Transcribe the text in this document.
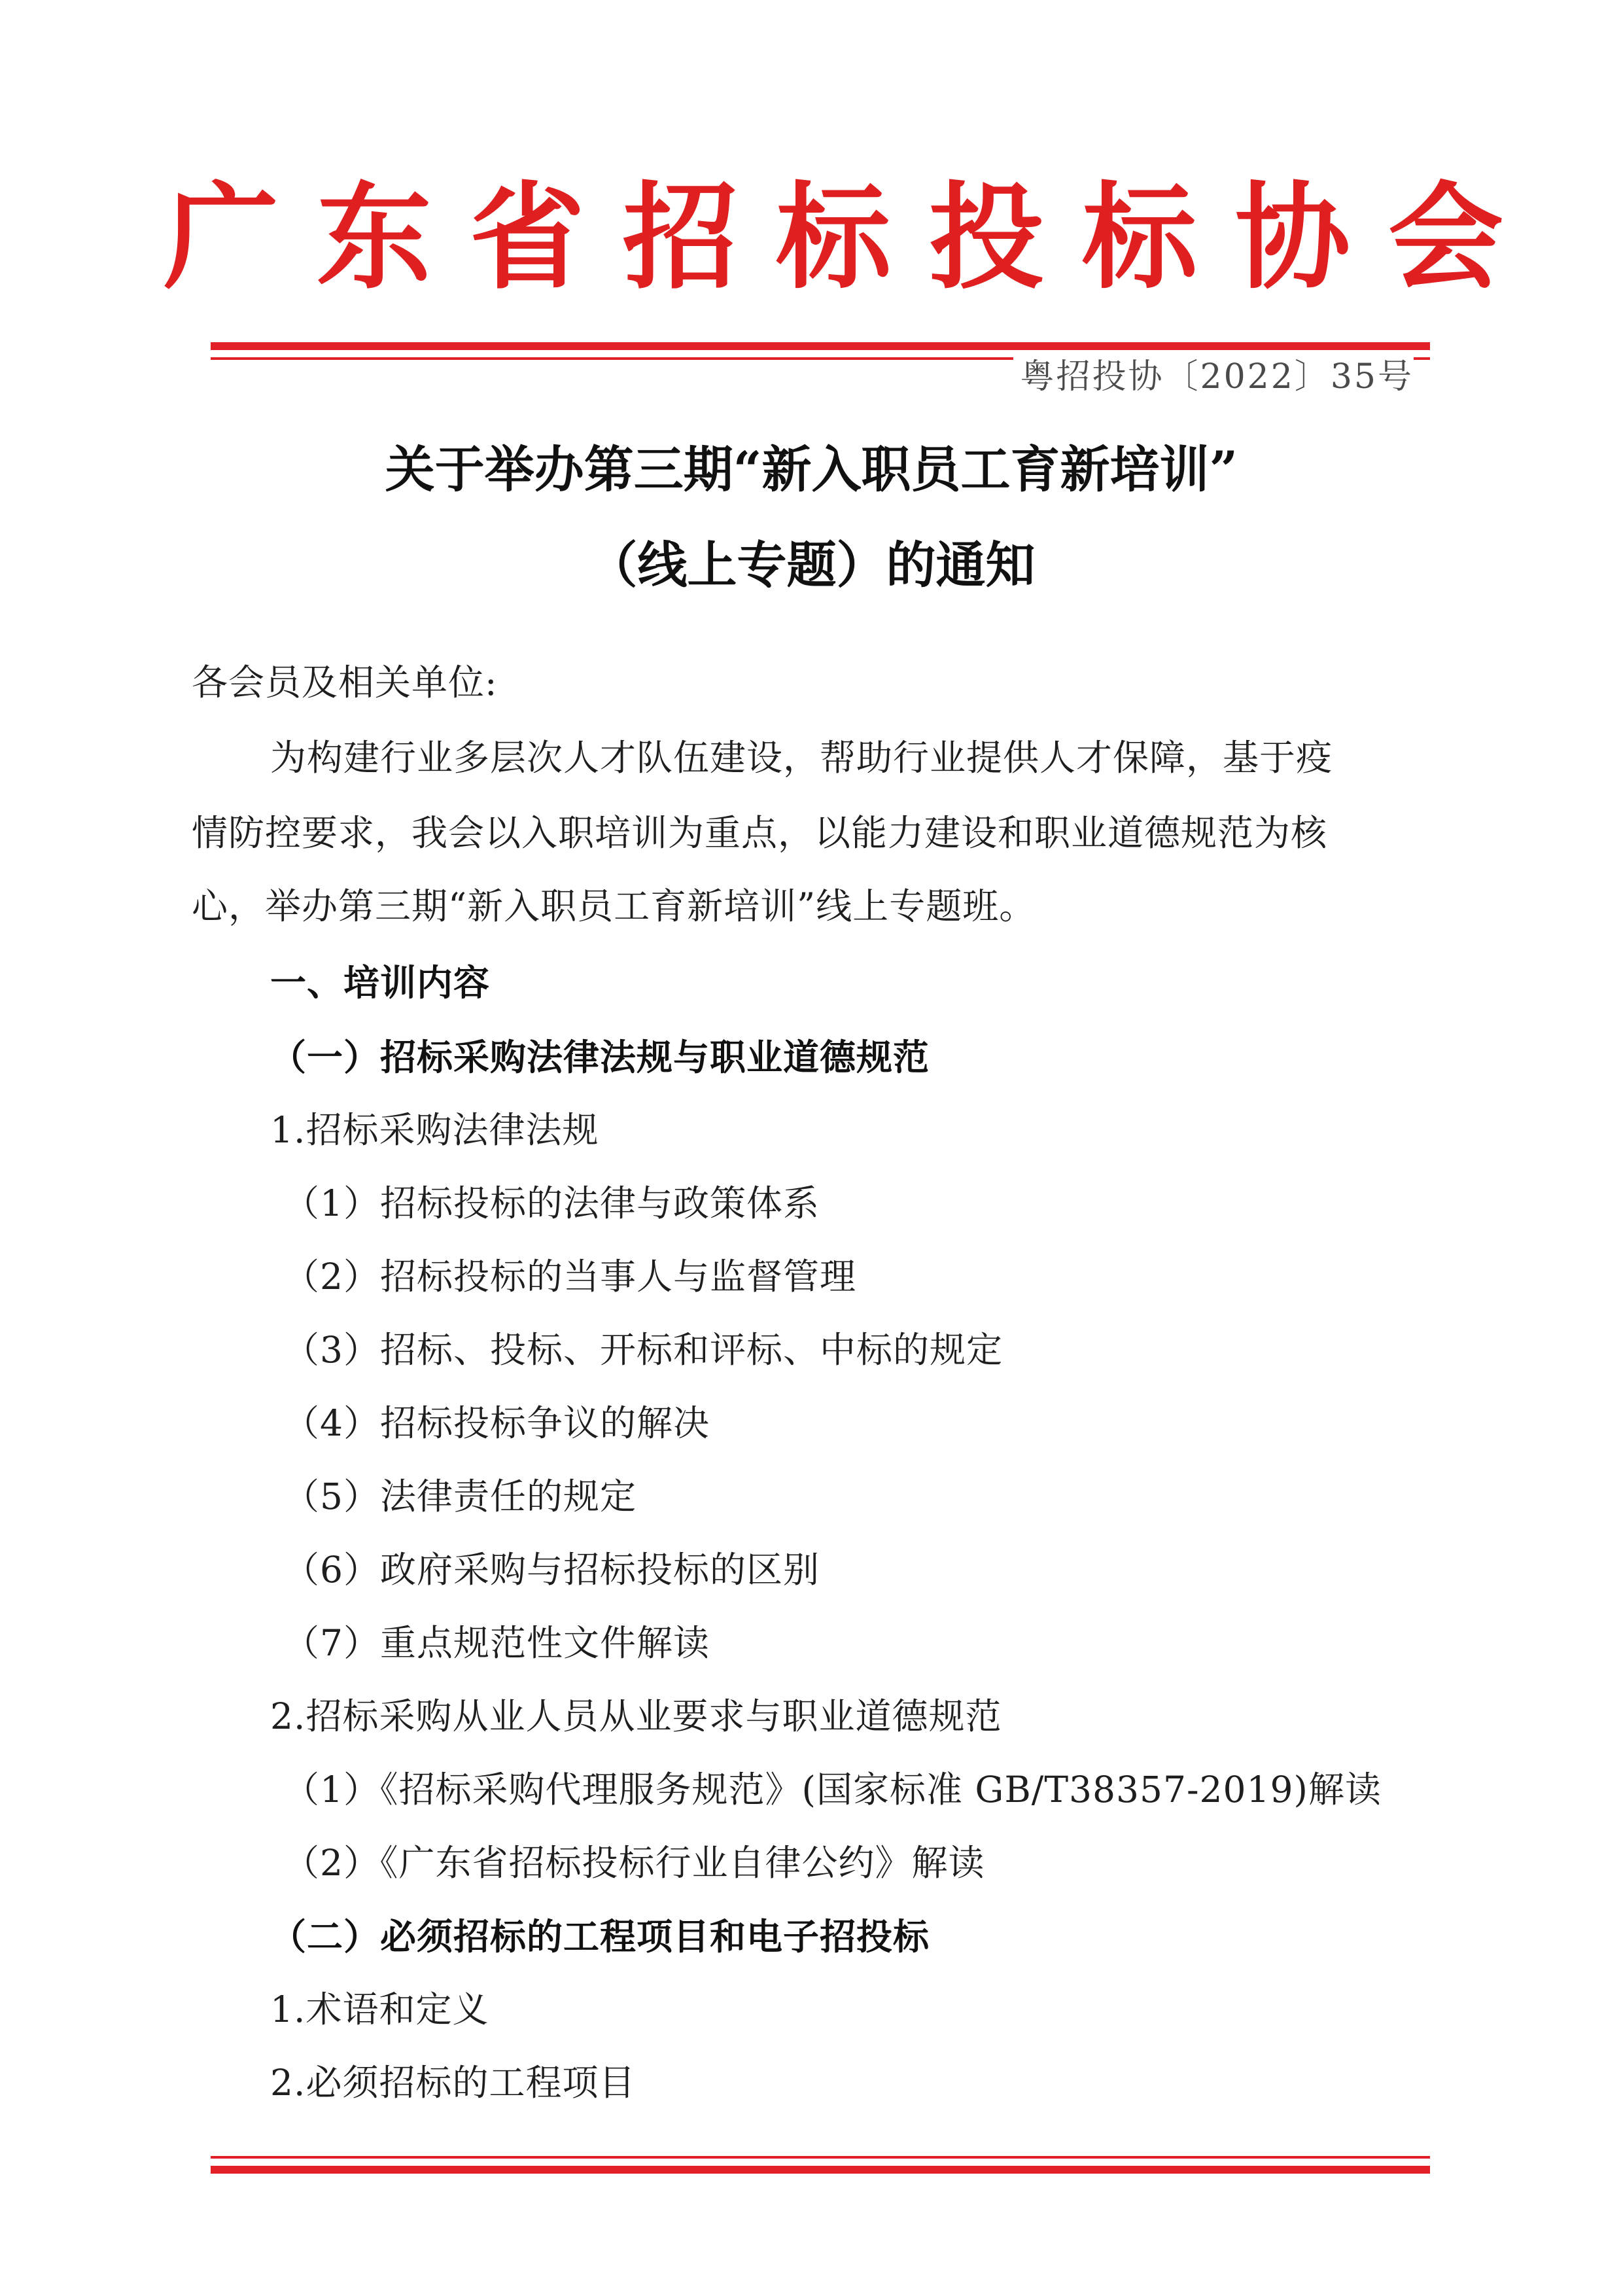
广东省招标投标协会
粤招投协〔2022〕35号
关于举办第三期“新入职员工育新培训”
（线上专题）的通知
各会员及相关单位:
为构建行业多层次人才队伍建设，帮助行业提供人才保障，基于疫
情防控要求，我会以入职培训为重点，以能力建设和职业道德规范为核
心，举办第三期“新入职员工育新培训”线上专题班。
一、培训内容
（一）招标采购法律法规与职业道德规范
1.招标采购法律法规
（1）招标投标的法律与政策体系
（2）招标投标的当事人与监督管理
（3）招标、投标、开标和评标、中标的规定
（4）招标投标争议的解决
（5）法律责任的规定
（6）政府采购与招标投标的区别
（7）重点规范性文件解读
2.招标采购从业人员从业要求与职业道德规范
（1）《招标采购代理服务规范》(国家标准 GB/T38357-2019)解读
（2）《广东省招标投标行业自律公约》解读
（二）必须招标的工程项目和电子招投标
1.术语和定义
2.必须招标的工程项目
